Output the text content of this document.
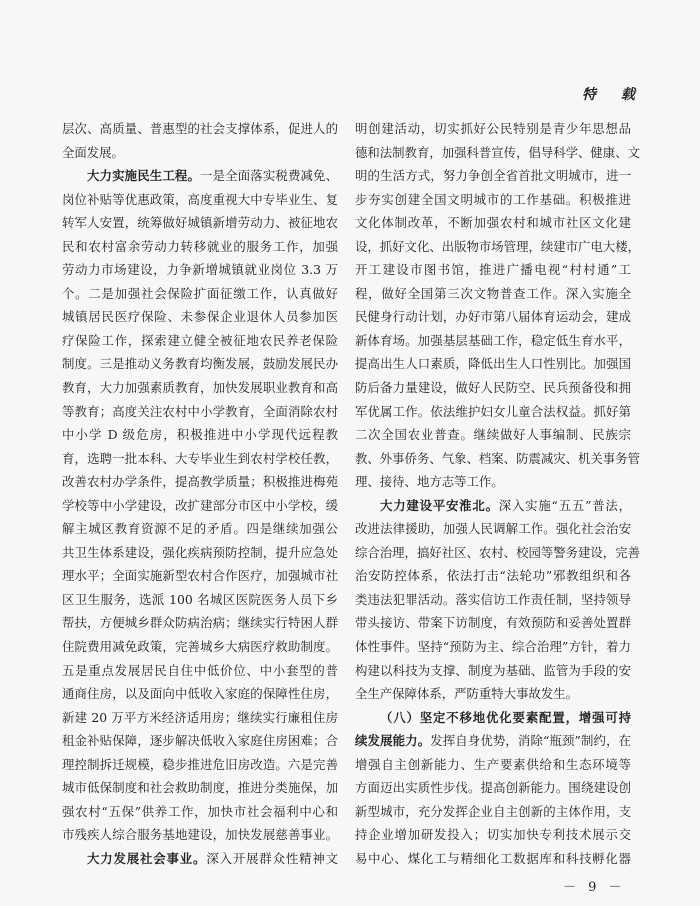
特 载
层次、高质量、普惠型的社会支撑体系，促进人的
全面发展。
大力实施民生工程。一是全面落实税费减免、
岗位补贴等优惠政策，高度重视大中专毕业生、复
转军人安置，统筹做好城镇新增劳动力、被征地农
民和农村富余劳动力转移就业的服务工作，加强
劳动力市场建设，力争新增城镇就业岗位 3.3 万
个。二是加强社会保险扩面征缴工作，认真做好
城镇居民医疗保险、未参保企业退休人员参加医
疗保险工作，探索建立健全被征地农民养老保险
制度。三是推动义务教育均衡发展，鼓励发展民办
教育，大力加强素质教育，加快发展职业教育和高
等教育；高度关注农村中小学教育，全面消除农村
中小学 D 级危房，积极推进中小学现代远程教
育，选聘一批本科、大专毕业生到农村学校任教，
改善农村办学条件，提高教学质量；积极推进梅苑
学校等中小学建设，改扩建部分市区中小学校，缓
解主城区教育资源不足的矛盾。四是继续加强公
共卫生体系建设，强化疾病预防控制，提升应急处
理水平；全面实施新型农村合作医疗，加强城市社
区卫生服务，选派 100 名城区医院医务人员下乡
帮扶，方便城乡群众防病治病；继续实行特困人群
住院费用减免政策，完善城乡大病医疗救助制度。
五是重点发展居民自住中低价位、中小套型的普
通商住房，以及面向中低收入家庭的保障性住房，
新建 20 万平方米经济适用房；继续实行廉租住房
租金补贴保障，逐步解决低收入家庭住房困难；合
理控制拆迁规模，稳步推进危旧房改造。六是完善
城市低保制度和社会救助制度，推进分类施保，加
强农村“五保”供养工作，加快市社会福利中心和
市残疾人综合服务基地建设，加快发展慈善事业。
大力发展社会事业。深入开展群众性精神文
明创建活动，切实抓好公民特别是青少年思想品
德和法制教育，加强科普宣传，倡导科学、健康、文
明的生活方式，努力争创全省首批文明城市，进一
步夯实创建全国文明城市的工作基础。积极推进
文化体制改革，不断加强农村和城市社区文化建
设，抓好文化、出版物市场管理，续建市广电大楼，
开工建设市图书馆，推进广播电视“村村通”工
程，做好全国第三次文物普查工作。深入实施全
民健身行动计划，办好市第八届体育运动会，建成
新体育场。加强基层基础工作，稳定低生育水平，
提高出生人口素质，降低出生人口性别比。加强国
防后备力量建设，做好人民防空、民兵预备役和拥
军优属工作。依法维护妇女儿童合法权益。抓好第
二次全国农业普查。继续做好人事编制、民族宗
教、外事侨务、气象、档案、防震减灾、机关事务管
理、接待、地方志等工作。
大力建设平安淮北。深入实施“五五”普法，
改进法律援助，加强人民调解工作。强化社会治安
综合治理，搞好社区、农村、校园等警务建设，完善
治安防控体系，依法打击“法轮功”邪教组织和各
类违法犯罪活动。落实信访工作责任制，坚持领导
带头接访、带案下访制度，有效预防和妥善处置群
体性事件。坚持“预防为主、综合治理”方针，着力
构建以科技为支撑、制度为基础、监管为手段的安
全生产保障体系，严防重特大事故发生。
（八）坚定不移地优化要素配置，增强可持
续发展能力。发挥自身优势，消除“瓶颈”制约，在
增强自主创新能力、生产要素供给和生态环境等
方面迈出实质性步伐。提高创新能力。围绕建设创
新型城市，充分发挥企业自主创新的主体作用，支
持企业增加研发投入；切实加快专利技术展示交
易中心、煤化工与精细化工数据库和科技孵化器
－ 9 －
